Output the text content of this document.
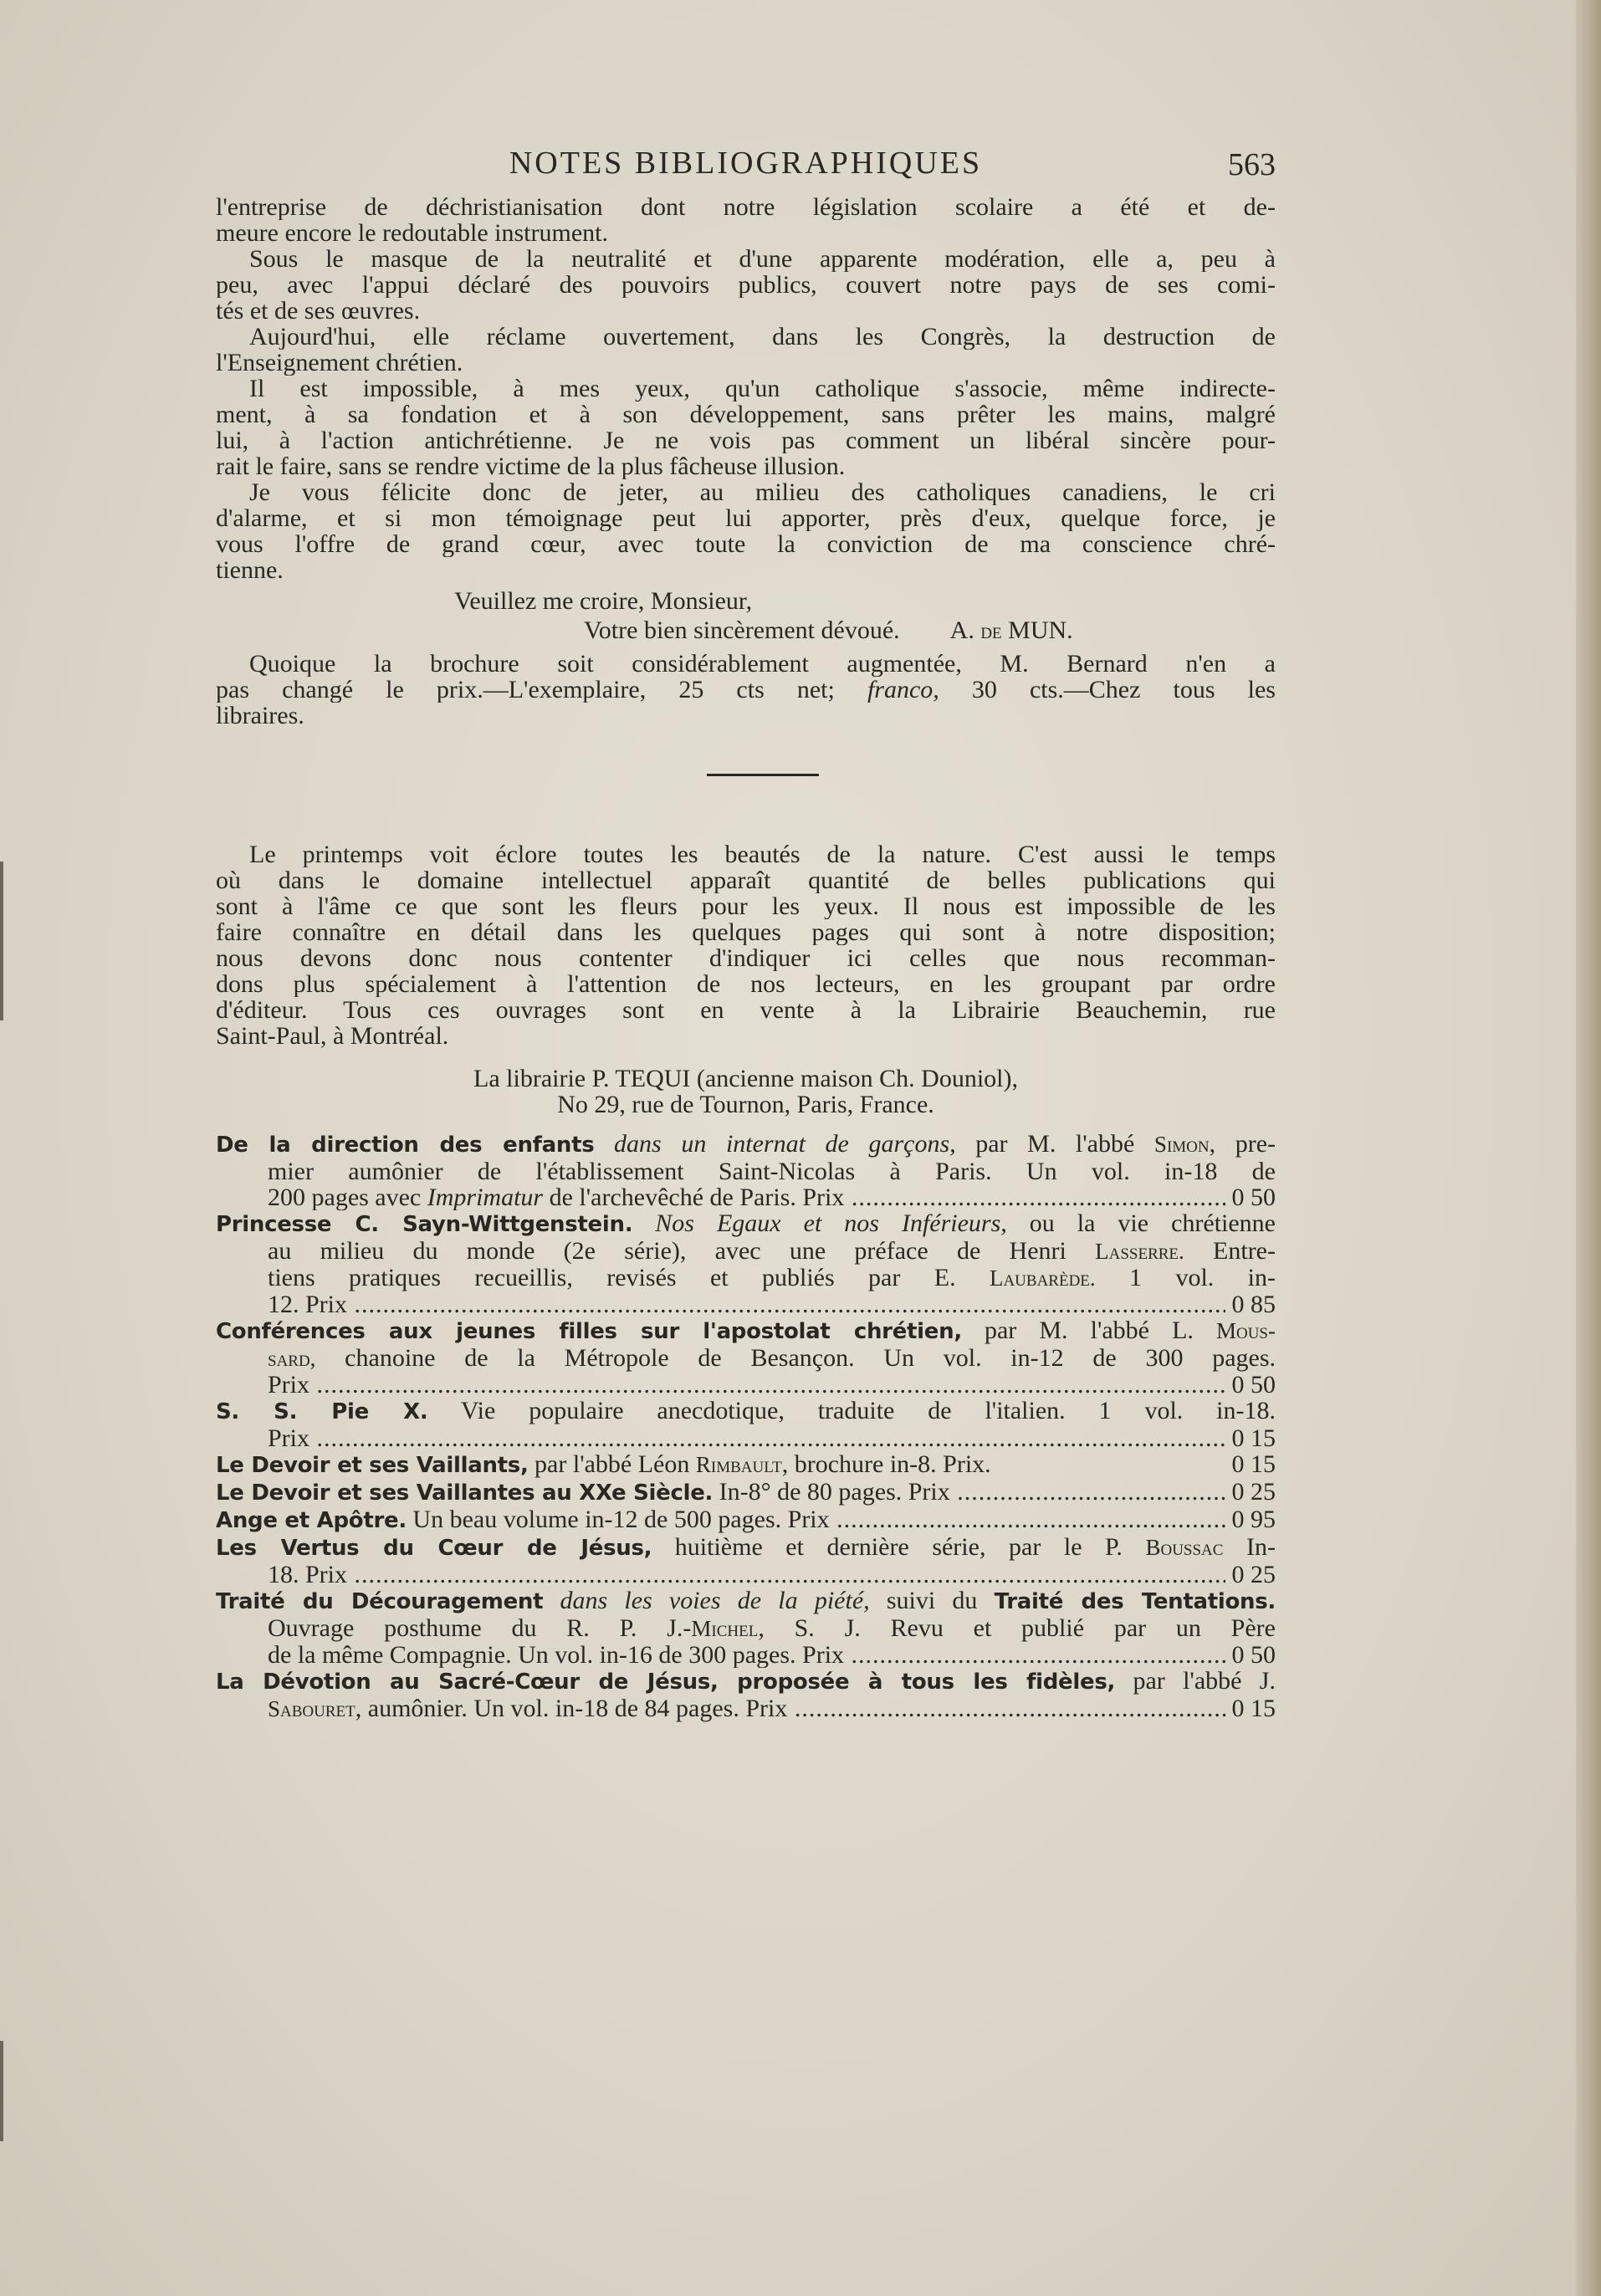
NOTES BIBLIOGRAPHIQUES	563
l'entreprise de déchristianisation dont notre législation scolaire a été et de-
meure encore le redoutable instrument.
Sous le masque de la neutralité et d'une apparente modération, elle a, peu à
peu, avec l'appui déclaré des pouvoirs publics, couvert notre pays de ses comi-
tés et de ses œuvres.
Aujourd'hui, elle réclame ouvertement, dans les Congrès, la destruction de
l'Enseignement chrétien.
Il est impossible, à mes yeux, qu'un catholique s'associe, même indirecte-
ment, à sa fondation et à son développement, sans prêter les mains, malgré
lui, à l'action antichrétienne. Je ne vois pas comment un libéral sincère pour-
rait le faire, sans se rendre victime de la plus fâcheuse illusion.
Je vous félicite donc de jeter, au milieu des catholiques canadiens, le cri
d'alarme, et si mon témoignage peut lui apporter, près d'eux, quelque force, je
vous l'offre de grand cœur, avec toute la conviction de ma conscience chré-
tienne.
Veuillez me croire, Monsieur,
Votre bien sincèrement dévoué. A. de MUN.
Quoique la brochure soit considérablement augmentée, M. Bernard n'en a
pas changé le prix.—L'exemplaire, 25 cts net; franco, 30 cts.—Chez tous les
libraires.
Le printemps voit éclore toutes les beautés de la nature. C'est aussi le temps
où dans le domaine intellectuel apparaît quantité de belles publications qui
sont à l'âme ce que sont les fleurs pour les yeux. Il nous est impossible de les
faire connaître en détail dans les quelques pages qui sont à notre disposition;
nous devons donc nous contenter d'indiquer ici celles que nous recomman-
dons plus spécialement à l'attention de nos lecteurs, en les groupant par ordre
d'éditeur. Tous ces ouvrages sont en vente à la Librairie Beauchemin, rue
Saint-Paul, à Montréal.
La librairie P. TEQUI (ancienne maison Ch. Douniol),
No 29, rue de Tournon, Paris, France.
De la direction des enfants dans un internat de garçons, par M. l'abbé Simon, pre-
mier aumônier de l'établissement Saint-Nicolas à Paris. Un vol. in-18 de
200 pages avec Imprimatur de l'archevêché de Paris. Prix .....	0 50
Princesse C. Sayn-Wittgenstein. Nos Egaux et nos Inférieurs, ou la vie chrétienne
au milieu du monde (2e série), avec une préface de Henri Lasserre. Entre-
tiens pratiques recueillis, revisés et publiés par E. Laubarède. 1 vol. in-
12. Prix .....	0 85
Conférences aux jeunes filles sur l'apostolat chrétien, par M. l'abbé L. Mous-
sard, chanoine de la Métropole de Besançon. Un vol. in-12 de 300 pages.
Prix .....	0 50
S. S. Pie X. Vie populaire anecdotique, traduite de l'italien. 1 vol. in-18.
Prix .....	0 15
Le Devoir et ses Vaillants, par l'abbé Léon Rimbault, brochure in-8. Prix.	0 15
Le Devoir et ses Vaillantes au XXe Siècle. In-8° de 80 pages. Prix .....	0 25
Ange et Apôtre. Un beau volume in-12 de 500 pages. Prix .....	0 95
Les Vertus du Cœur de Jésus, huitième et dernière série, par le P. Boussac In-
18. Prix .....	0 25
Traité du Découragement dans les voies de la piété, suivi du Traité des Tentations.
Ouvrage posthume du R. P. J.-Michel, S. J. Revu et publié par un Père
de la même Compagnie. Un vol. in-16 de 300 pages. Prix .....	0 50
La Dévotion au Sacré-Cœur de Jésus, proposée à tous les fidèles, par l'abbé J.
Sabouret, aumônier. Un vol. in-18 de 84 pages. Prix .....	0 15
